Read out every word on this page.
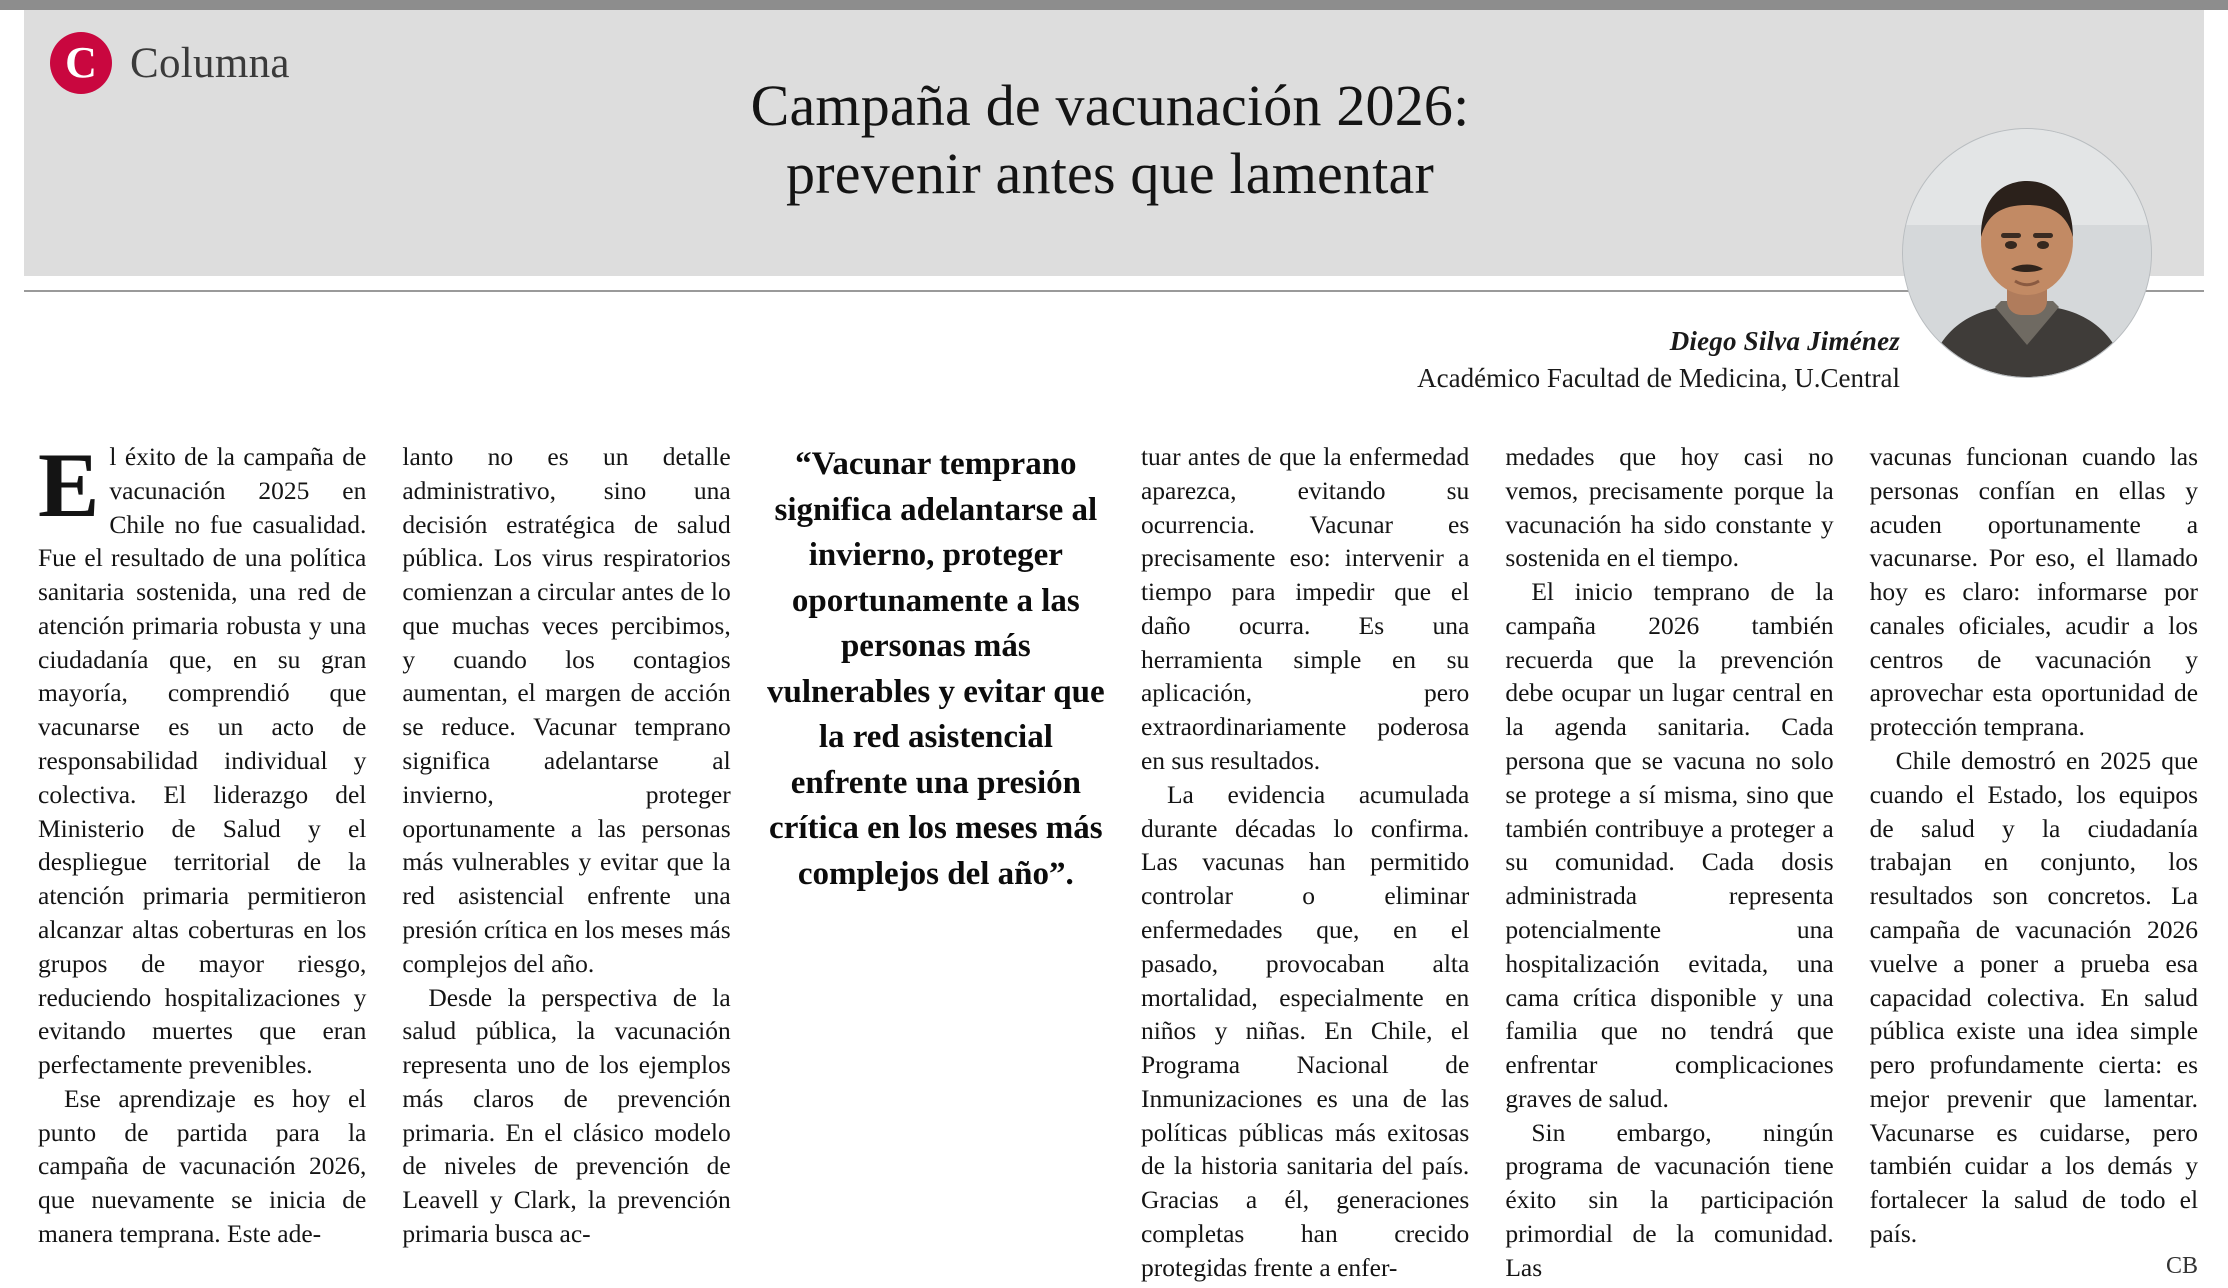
C Columna
Campaña de vacunación 2026:
prevenir antes que lamentar
Diego Silva Jiménez
Académico Facultad de Medicina, U.Central

El éxito de la campaña de vacunación 2025 en Chile no fue casualidad. Fue el resultado de una política sanitaria sostenida, una red de atención primaria robusta y una ciudadanía que, en su gran mayoría, comprendió que vacunarse es un acto de responsabilidad individual y colectiva. El liderazgo del Ministerio de Salud y el despliegue territorial de la atención primaria permitieron alcanzar altas coberturas en los grupos de mayor riesgo, reduciendo hospitalizaciones y evitando muertes que eran perfectamente prevenibles.

Ese aprendizaje es hoy el punto de partida para la campaña de vacunación 2026, que nuevamente se inicia de manera temprana. Este ade-

lanto no es un detalle administrativo, sino una decisión estratégica de salud pública. Los virus respiratorios comienzan a circular antes de lo que muchas veces percibimos, y cuando los contagios aumentan, el margen de acción se reduce. Vacunar temprano significa adelantarse al invierno, proteger oportunamente a las personas más vulnerables y evitar que la red asistencial enfrente una presión crítica en los meses más complejos del año.

Desde la perspectiva de la salud pública, la vacunación representa uno de los ejemplos más claros de prevención primaria. En el clásico modelo de niveles de prevención de Leavell y Clark, la prevención primaria busca ac-

“Vacunar temprano significa adelantarse al invierno, proteger oportunamente a las personas más vulnerables y evitar que la red asistencial enfrente una presión crítica en los meses más complejos del año”.

tuar antes de que la enfermedad aparezca, evitando su ocurrencia. Vacunar es precisamente eso: intervenir a tiempo para impedir que el daño ocurra. Es una herramienta simple en su aplicación, pero extraordinariamente poderosa en sus resultados.

La evidencia acumulada durante décadas lo confirma. Las vacunas han permitido controlar o eliminar enfermedades que, en el pasado, provocaban alta mortalidad, especialmente en niños y niñas. En Chile, el Programa Nacional de Inmunizaciones es una de las políticas públicas más exitosas de la historia sanitaria del país. Gracias a él, generaciones completas han crecido protegidas frente a enfer-

medades que hoy casi no vemos, precisamente porque la vacunación ha sido constante y sostenida en el tiempo.

El inicio temprano de la campaña 2026 también recuerda que la prevención debe ocupar un lugar central en la agenda sanitaria. Cada persona que se vacuna no solo se protege a sí misma, sino que también contribuye a proteger a su comunidad. Cada dosis administrada representa potencialmente una hospitalización evitada, una cama crítica disponible y una familia que no tendrá que enfrentar complicaciones graves de salud.

Sin embargo, ningún programa de vacunación tiene éxito sin la participación primordial de la comunidad. Las

vacunas funcionan cuando las personas confían en ellas y acuden oportunamente a vacunarse. Por eso, el llamado hoy es claro: informarse por canales oficiales, acudir a los centros de vacunación y aprovechar esta oportunidad de protección temprana.

Chile demostró en 2025 que cuando el Estado, los equipos de salud y la ciudadanía trabajan en conjunto, los resultados son concretos. La campaña de vacunación 2026 vuelve a poner a prueba esa capacidad colectiva. En salud pública existe una idea simple pero profundamente cierta: es mejor prevenir que lamentar. Vacunarse es cuidarse, pero también cuidar a los demás y fortalecer la salud de todo el país.

CB
